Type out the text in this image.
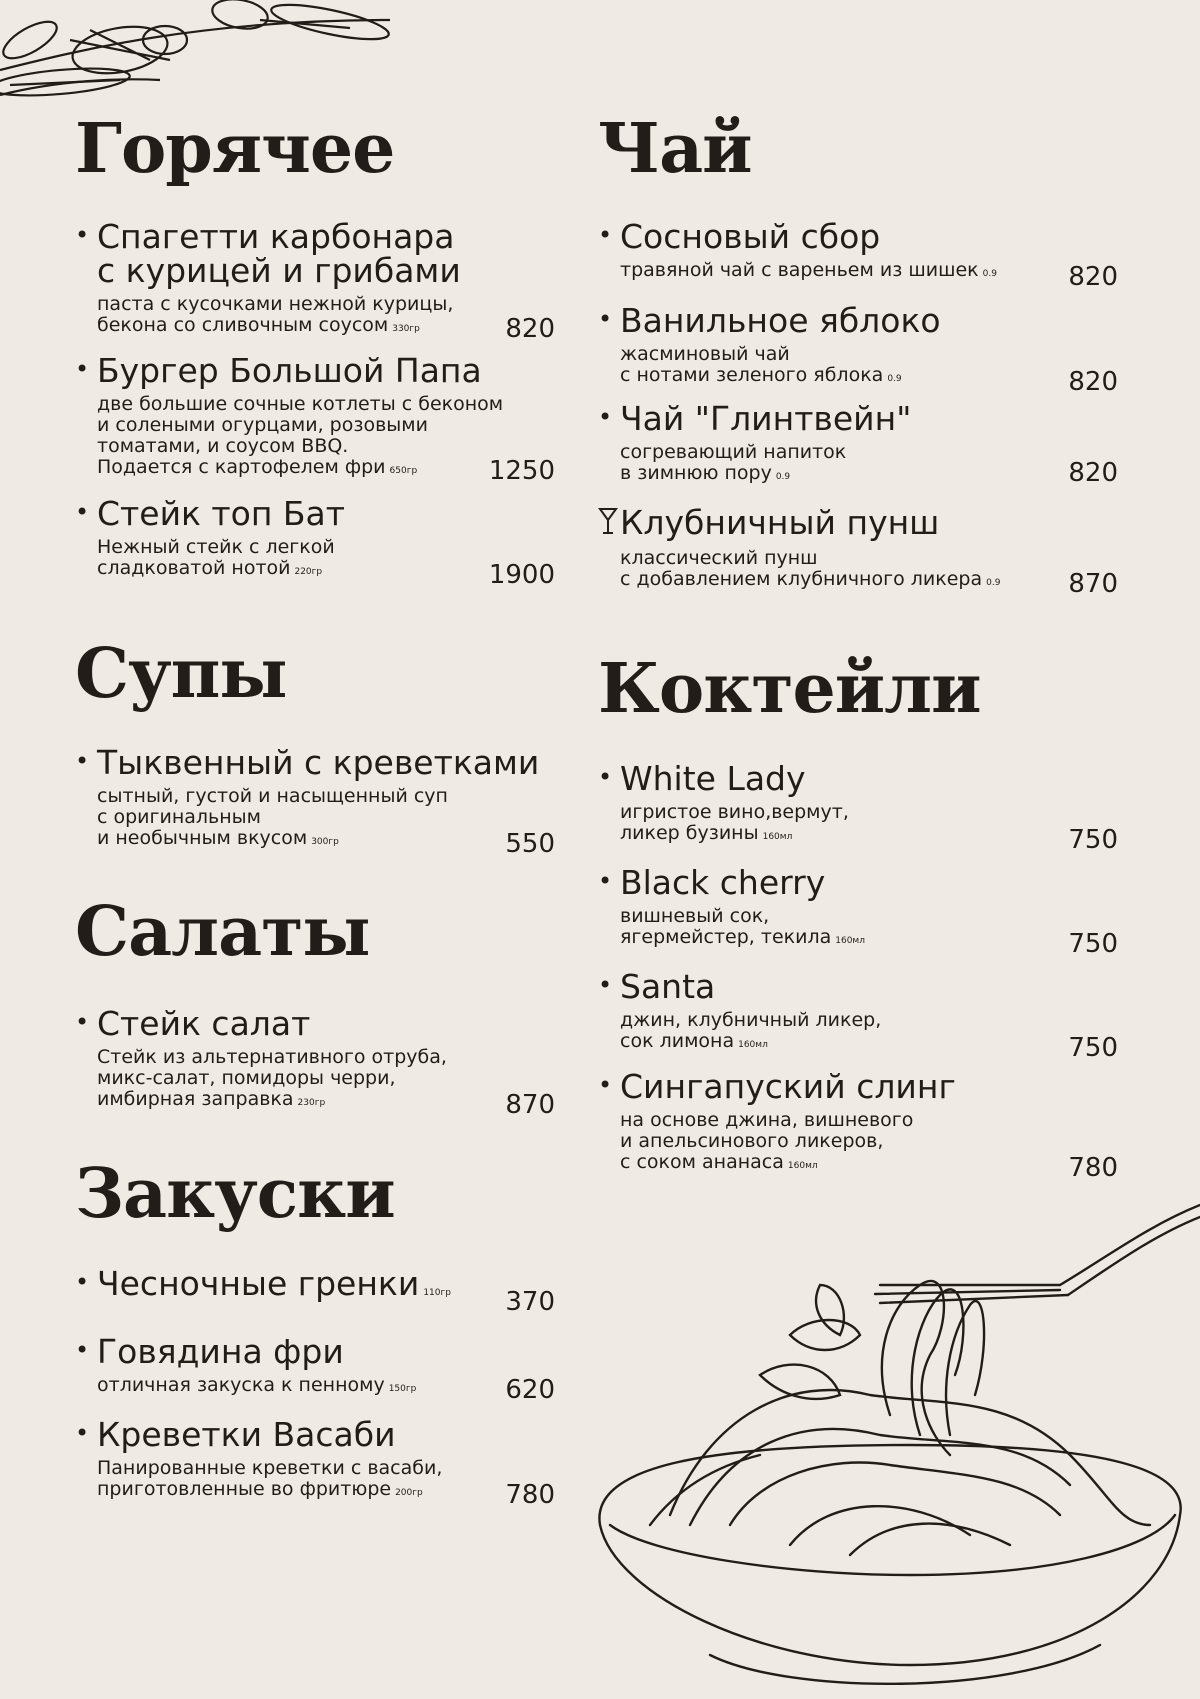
Горячее
• Спагетти карбонара
с курицей и грибами
паста с кусочками нежной курицы,
бекона со сливочным соусом 330гр	820
• Бургер Большой Папа
две большие сочные котлеты с беконом
и солеными огурцами, розовыми
томатами, и соусом BBQ.
Подается с картофелем фри 650гр	1250
• Стейк топ Бат
Нежный стейк с легкой
сладковатой нотой 220гр	1900
Супы
• Тыквенный с креветками
сытный, густой и насыщенный суп
с оригинальным
и необычным вкусом 300гр	550
Салаты
• Стейк салат
Стейк из альтернативного отруба,
микс-салат, помидоры черри,
имбирная заправка 230гр	870
Закуски
• Чесночные гренки 110гр	370
• Говядина фри
отличная закуска к пенному 150гр	620
• Креветки Васаби
Панированные креветки с васаби,
приготовленные во фритюре 200гр	780
Чай
• Сосновый сбор
травяной чай с вареньем из шишек 0.9	820
• Ванильное яблоко
жасминовый чай
с нотами зеленого яблока 0.9	820
• Чай "Глинтвейн"
согревающий напиток
в зимнюю пору 0.9	820
Клубничный пунш
классический пунш
с добавлением клубничного ликера 0.9	870
Коктейли
• White Lady
игристое вино,вермут,
ликер бузины 160мл	750
• Black cherry
вишневый сок,
ягермейстер, текила 160мл	750
• Santa
джин, клубничный ликер,
сок лимона 160мл	750
• Сингапуский слинг
на основе джина, вишневого
и апельсинового ликеров,
с соком ананаса 160мл	780
